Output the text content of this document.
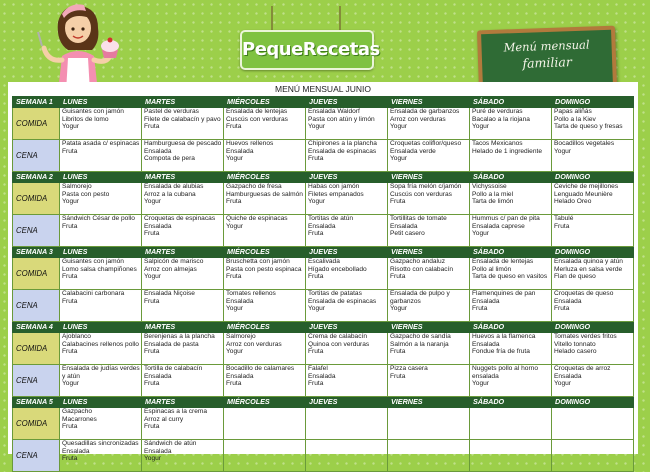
PequeRecetas	Menú mensual
familiar
MENÚ MENSUAL JUNIO
SEMANA 1	LUNES	MARTES	MIÉRCOLES	JUEVES	VIERNES	SÁBADO	DOMINGO
COMIDA	Guisantes con jamón
Libritos de lomo
Yogur	Pastel de verduras
Filete de calabacín y pavo
Fruta	Ensalada de lentejas
Cuscús con verduras
Fruta	Ensalada Waldorf
Pasta con atún y limón
Yogur	Ensalada de garbanzos
Arroz con verduras
Yogur	Puré de verduras
Bacalao a la riojana
Yogur	Papas aliñás
Pollo a la Kiev
Tarta de queso y fresas

CENA	Patata asada c/ espinacas
Fruta	Hamburguesa de pescado
Ensalada
Compota de pera	Huevos rellenos
Ensalada
Yogur	Chipirones a la plancha
Ensalada de espinacas
Fruta	Croquetas coliflor/queso
Ensalada verde
Yogur	Tacos Mexicanos
Helado de 1 ingrediente	Bocadillos vegetales
Yogur

SEMANA 2	LUNES	MARTES	MIÉRCOLES	JUEVES	VIERNES	SÁBADO	DOMINGO
COMIDA	Salmorejo
Pasta con pesto
Yogur	Ensalada de alubias
Arroz a la cubana
Yogur	Gazpacho de fresa
Hamburguesas de salmón
Fruta	Habas con jamón
Filetes empanados
Yogur	Sopa fría melón c/jamón
Cuscús con verduras
Fruta	Vichyssoise
Pollo a la miel
Tarta de limón	Ceviche de mejillones
Lenguado Meunière
Helado Oreo

CENA	Sándwich César de pollo
Fruta	Croquetas de espinacas
Ensalada
Fruta	Quiche de espinacas
Yogur	Tortitas de atún
Ensalada
Fruta	Tortillitas de tomate
Ensalada
Petit casero	Hummus c/ pan de pita
Ensalada caprese
Yogur	Tabulé
Fruta

SEMANA 3	LUNES	MARTES	MIÉRCOLES	JUEVES	VIERNES	SÁBADO	DOMINGO
COMIDA	Guisantes con jamón
Lomo salsa champiñones
Fruta	Salpicón de marisco
Arroz con almejas
Yogur	Bruschetta con jamón
Pasta con pesto espinaca
Fruta	Escalivada
Hígado encebollado
Fruta	Gazpacho andaluz
Risotto con calabacín
Fruta	Ensalada de lentejas
Pollo al limón
Tarta de queso en vasitos	Ensalada quinoa y atún
Merluza en salsa verde
Flan de queso

CENA	Calabacini carbonara
Fruta	Ensalada Niçoise
Fruta	Tomates rellenos
Ensalada
Yogur	Tortitas de patatas
Ensalada de espinacas
Yogur	Ensalada de pulpo y
garbanzos
Yogur	Flamenquines de pan
Ensalada
Fruta	Croquetas de queso
Ensalada
Fruta

SEMANA 4	LUNES	MARTES	MIÉRCOLES	JUEVES	VIERNES	SÁBADO	DOMINGO
COMIDA	Ajoblanco
Calabacines rellenos pollo
Fruta	Berenjenas a la plancha
Ensalada de pasta
Fruta	Salmorejo
Arroz con verduras
Yogur	Crema de calabacín
Quinoa con verduras
Fruta	Gazpacho de sandía
Salmón a la naranja
Fruta	Huevos a la flamenca
Ensalada
Fondue fría de fruta	Tomates verdes fritos
Vitello tonnato
Helado casero

CENA	Ensalada de judías verdes
y atún
Yogur	Tortilla de calabacín
Ensalada
Fruta	Bocadillo de calamares
Ensalada
Fruta	Falafel
Ensalada
Fruta	Pizza casera
Fruta	Nuggets pollo al horno
ensalada
Yogur	Croquetas de arroz
Ensalada
Yogur

SEMANA 5	LUNES	MARTES	MIÉRCOLES	JUEVES	VIERNES	SÁBADO	DOMINGO
COMIDA	Gazpacho
Macarrones
Fruta	Espinacas a la crema
Arroz al curry
Fruta					

CENA	Quesadillas sincronizadas
Ensalada
Fruta	Sándwich de atún
Ensalada
Yogur					
